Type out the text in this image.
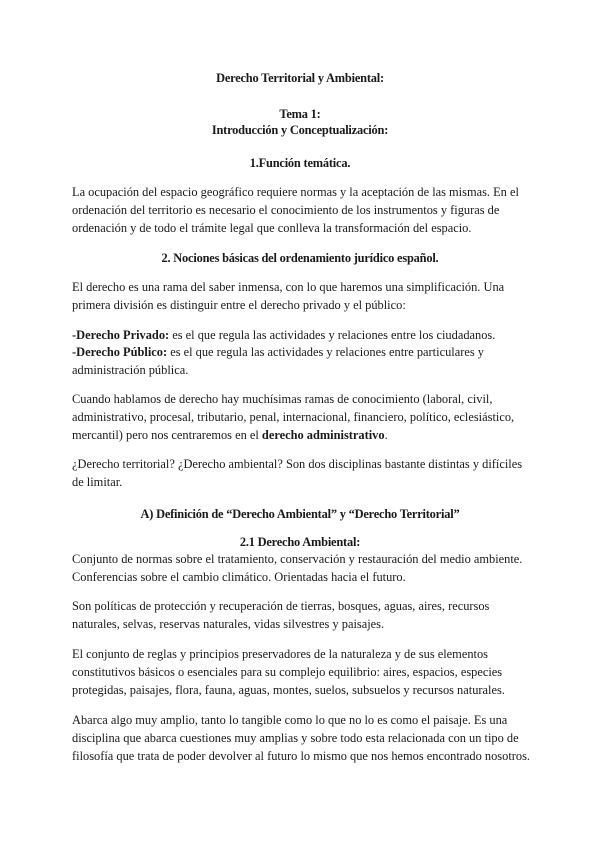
Derecho Territorial y Ambiental:
Tema 1:
Introducción y Conceptualización:
1.Función temática.
La ocupación del espacio geográfico requiere normas y la aceptación de las mismas. En el ordenación del territorio es necesario el conocimiento de los instrumentos y figuras de ordenación y de todo el trámite legal que conlleva la transformación del espacio.
2. Nociones básicas del ordenamiento jurídico español.
El derecho es una rama del saber inmensa, con lo que haremos una simplificación. Una primera división es distinguir entre el derecho privado y el público:
-Derecho Privado: es el que regula las actividades y relaciones entre los ciudadanos.
-Derecho Público: es el que regula las actividades y relaciones entre particulares y administración pública.
Cuando hablamos de derecho hay muchísimas ramas de conocimiento (laboral, civil, administrativo, procesal, tributario, penal, internacional, financiero, político, eclesiástico, mercantil) pero nos centraremos en el derecho administrativo.
¿Derecho territorial? ¿Derecho ambiental? Son dos disciplinas bastante distintas y difíciles de limitar.
A) Definición de “Derecho Ambiental” y “Derecho Territorial”
2.1 Derecho Ambiental:
Conjunto de normas sobre el tratamiento, conservación y restauración del medio ambiente. Conferencias sobre el cambio climático. Orientadas hacia el futuro.
Son políticas de protección y recuperación de tierras, bosques, aguas, aires, recursos naturales, selvas, reservas naturales, vidas silvestres y paisajes.
El conjunto de reglas y principios preservadores de la naturaleza y de sus elementos constitutivos básicos o esenciales para su complejo equilibrio: aires, espacios, especies protegidas, paisajes, flora, fauna, aguas, montes, suelos, subsuelos y recursos naturales.
Abarca algo muy amplio, tanto lo tangible como lo que no lo es como el paisaje. Es una disciplina que abarca cuestiones muy amplias y sobre todo esta relacionada con un tipo de filosofía que trata de poder devolver al futuro lo mismo que nos hemos encontrado nosotros.
